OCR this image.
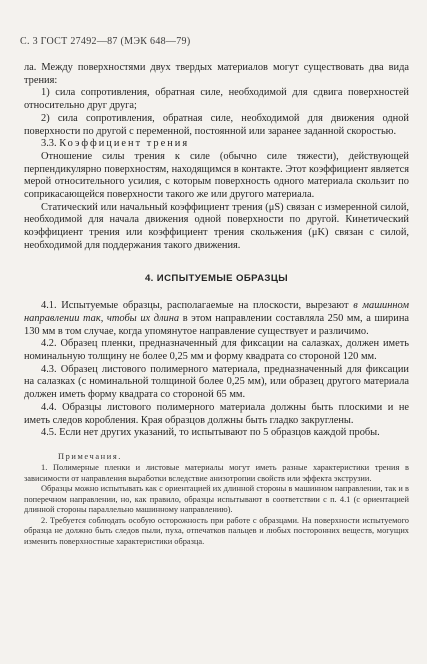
С. 3 ГОСТ 27492—87 (МЭК 648—79)

ла. Между поверхностями двух твердых материалов могут существовать два вида трения:

1) сила сопротивления, обратная силе, необходимой для сдвига поверхностей относительно друг друга;

2) сила сопротивления, обратная силе, необходимой для движения одной поверхности по другой с переменной, постоянной или заранее заданной скоростью.

3.3. Коэффициент трения

Отношение силы трения к силе (обычно силе тяжести), действующей перпендикулярно поверхностям, находящимся в контакте. Этот коэффициент является мерой относительного усилия, с которым поверхность одного материала скользит по соприкасающейся поверхности такого же или другого материала.

Статический или начальный коэффициент трения (μS) связан с измеренной силой, необходимой для начала движения одной поверхности по другой. Кинетический коэффициент трения или коэффициент трения скольжения (μK) связан с силой, необходимой для поддержания такого движения.

4. ИСПЫТУЕМЫЕ ОБРАЗЦЫ

4.1. Испытуемые образцы, располагаемые на плоскости, вырезают в машинном направлении так, чтобы их длина в этом направлении составляла 250 мм, а ширина 130 мм в том случае, когда упомянутое направление существует и различимо.

4.2. Образец пленки, предназначенный для фиксации на салазках, должен иметь номинальную толщину не более 0,25 мм и форму квадрата со стороной 120 мм.

4.3. Образец листового полимерного материала, предназначенный для фиксации на салазках (с номинальной толщиной более 0,25 мм), или образец другого материала должен иметь форму квадрата со стороной 65 мм.

4.4. Образцы листового полимерного материала должны быть плоскими и не иметь следов коробления. Края образцов должны быть гладко закруглены.

4.5. Если нет других указаний, то испытывают по 5 образцов каждой пробы.

Примечания.

1. Полимерные пленки и листовые материалы могут иметь разные характеристики трения в зависимости от направления выработки вследствие анизотропии свойств или эффекта экструзии.

Образцы можно испытывать как с ориентацией их длинной стороны в машинном направлении, так и в поперечном направлении, но, как правило, образцы испытывают в соответствии с п. 4.1 (с ориентацией длинной стороны параллельно машинному направлению).

2. Требуется соблюдать особую осторожность при работе с образцами. На поверхности испытуемого образца не должно быть следов пыли, пуха, отпечатков пальцев и любых посторонних веществ, могущих изменить поверхностные характеристики образца.
